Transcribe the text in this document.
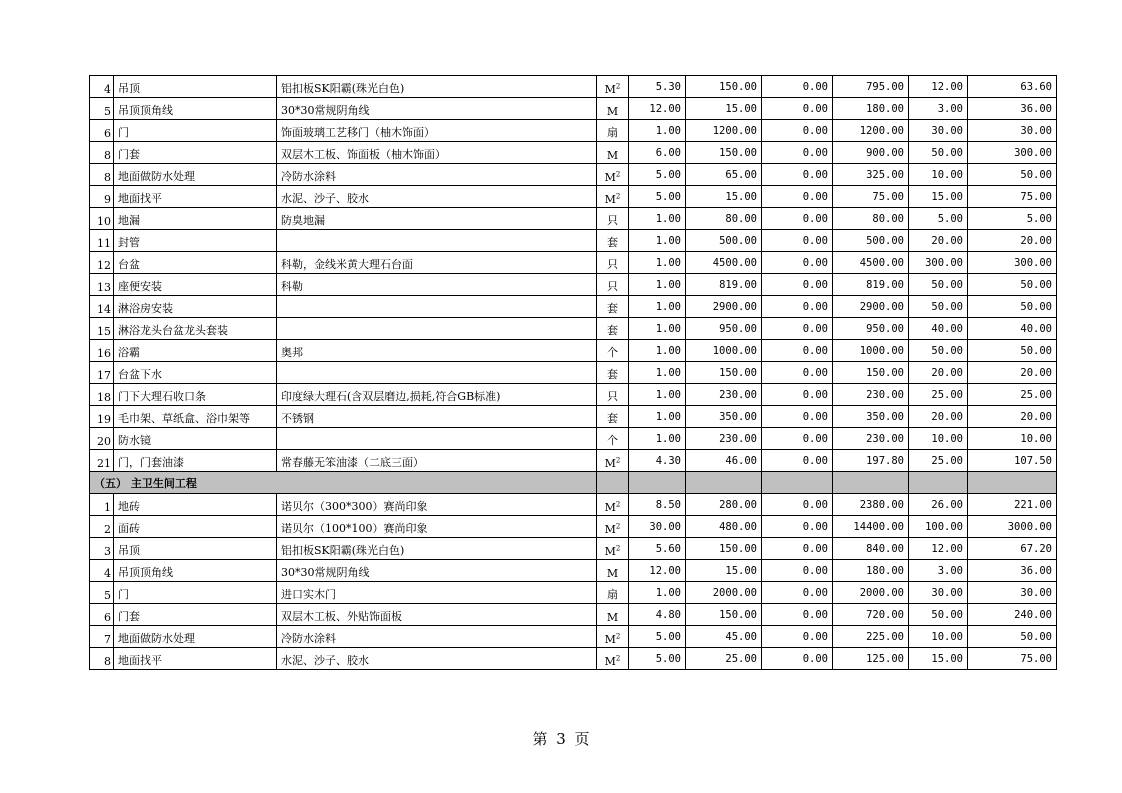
4	吊顶	铝扣板SK阳霸(珠光白色)	$M^2$	5.30	150.00	0.00	795.00	12.00	63.60
5	吊顶顶角线	30*30常规阴角线	M	12.00	15.00	0.00	180.00	3.00	36.00
6	门	饰面玻璃工艺移门（柚木饰面）	扇	1.00	1200.00	0.00	1200.00	30.00	30.00
8	门套	双层木工板、饰面板（柚木饰面）	M	6.00	150.00	0.00	900.00	50.00	300.00
8	地面做防水处理	冷防水涂料	$M^2$	5.00	65.00	0.00	325.00	10.00	50.00
9	地面找平	水泥、沙子、胶水	$M^2$	5.00	15.00	0.00	75.00	15.00	75.00
10	地漏	防臭地漏	只	1.00	80.00	0.00	80.00	5.00	5.00
11	封管		套	1.00	500.00	0.00	500.00	20.00	20.00
12	台盆	科勒，金线米黄大理石台面	只	1.00	4500.00	0.00	4500.00	300.00	300.00
13	座便安装	科勒	只	1.00	819.00	0.00	819.00	50.00	50.00
14	淋浴房安装		套	1.00	2900.00	0.00	2900.00	50.00	50.00
15	淋浴龙头台盆龙头套装		套	1.00	950.00	0.00	950.00	40.00	40.00
16	浴霸	奥邦	个	1.00	1000.00	0.00	1000.00	50.00	50.00
17	台盆下水		套	1.00	150.00	0.00	150.00	20.00	20.00
18	门下大理石收口条	印度绿大理石(含双层磨边,损耗,符合GB标准)	只	1.00	230.00	0.00	230.00	25.00	25.00
19	毛巾架、草纸盒、浴巾架等	不锈钢	套	1.00	350.00	0.00	350.00	20.00	20.00
20	防水镜		个	1.00	230.00	0.00	230.00	10.00	10.00
21	门，门套油漆	常春藤无笨油漆（二底三面）	$M^2$	4.30	46.00	0.00	197.80	25.00	107.50
（五） 主卫生间工程									
1	地砖	诺贝尔（300*300）赛尚印象	$M^2$	8.50	280.00	0.00	2380.00	26.00	221.00
2	面砖	诺贝尔（100*100）赛尚印象	$M^2$	30.00	480.00	0.00	14400.00	100.00	3000.00
3	吊顶	铝扣板SK阳霸(珠光白色)	$M^2$	5.60	150.00	0.00	840.00	12.00	67.20
4	吊顶顶角线	30*30常规阴角线	M	12.00	15.00	0.00	180.00	3.00	36.00
5	门	进口实木门	扇	1.00	2000.00	0.00	2000.00	30.00	30.00
6	门套	双层木工板、外贴饰面板	M	4.80	150.00	0.00	720.00	50.00	240.00
7	地面做防水处理	冷防水涂料	$M^2$	5.00	45.00	0.00	225.00	10.00	50.00
8	地面找平	水泥、沙子、胶水	$M^2$	5.00	25.00	0.00	125.00	15.00	75.00
第 3 页
